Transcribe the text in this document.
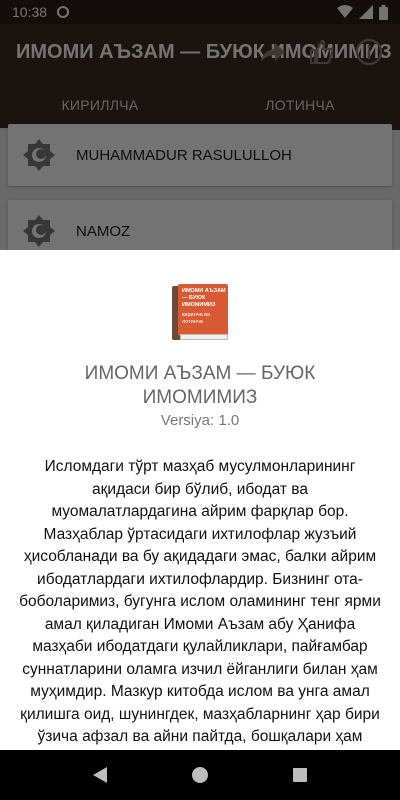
ИМОМИ АЪЗАМ — БУЮК ИМОМИМИЗ
кирилча ва лотинча
ИМОМИ АЪЗАМ — БУЮК ИМОМИМИЗ
Versiya: 1.0
Исломдаги тўрт мазҳаб мусулмонларининг ақидаси бир бўлиб, ибодат ва муомалатлардагина айрим фарқлар бор. Мазҳаблар ўртасидаги ихтилофлар жузъий ҳисобланади ва бу ақидадаги эмас, балки айрим ибодатлардаги ихтилофлардир. Бизнинг ота- боболаримиз, бугунга ислом оламининг тенг ярми амал қиладиган Имоми Аъзам абу Ҳанифа мазҳаби ибодатдаги қулайликлари, пайғамбар суннатларини оламга изчил ёйганлиги билан ҳам муҳимдир. Мазкур китобда ислом ва унга амал қилишга оид, шунингдек, мазҳабларнинг ҳар бири ўзича афзал ва айни пайтда, бошқалари ҳам
